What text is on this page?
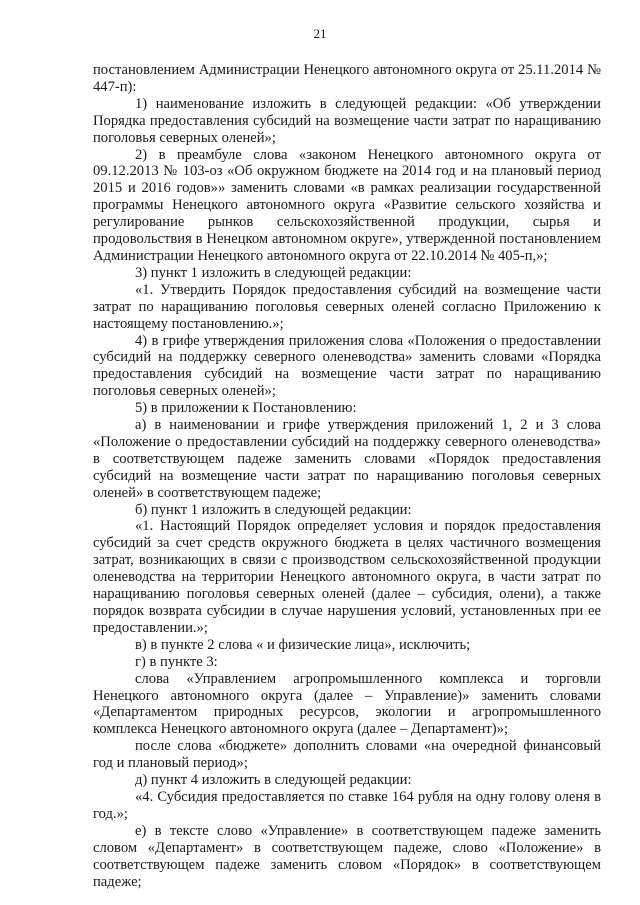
21

постановлением Администрации Ненецкого автономного округа от 25.11.2014 № 447-п):

1) наименование изложить в следующей редакции: «Об утверждении Порядка предоставления субсидий на возмещение части затрат по наращиванию поголовья северных оленей»;

2) в преамбуле слова «законом Ненецкого автономного округа от 09.12.2013 № 103-оз «Об окружном бюджете на 2014 год и на плановый период 2015 и 2016 годов»» заменить словами «в рамках реализации государственной программы Ненецкого автономного округа «Развитие сельского хозяйства и регулирование рынков сельскохозяйственной продукции, сырья и продовольствия в Ненецком автономном округе», утвержденной постановлением Администрации Ненецкого автономного округа от 22.10.2014 № 405-п,»;

3) пункт 1 изложить в следующей редакции:

«1. Утвердить Порядок предоставления субсидий на возмещение части затрат по наращиванию поголовья северных оленей согласно Приложению к настоящему постановлению.»;

4) в грифе утверждения приложения слова «Положения о предоставлении субсидий на поддержку северного оленеводства» заменить словами «Порядка предоставления субсидий на возмещение части затрат по наращиванию поголовья северных оленей»;

5) в приложении к Постановлению:

а) в наименовании и грифе утверждения приложений 1, 2 и 3 слова «Положение о предоставлении субсидий на поддержку северного оленеводства» в соответствующем падеже заменить словами «Порядок предоставления субсидий на возмещение части затрат по наращиванию поголовья северных оленей» в соответствующем падеже;

б) пункт 1 изложить в следующей редакции:

«1. Настоящий Порядок определяет условия и порядок предоставления субсидий за счет средств окружного бюджета в целях частичного возмещения затрат, возникающих в связи с производством сельскохозяйственной продукции оленеводства на территории Ненецкого автономного округа, в части затрат по наращиванию поголовья северных оленей (далее – субсидия, олени), а также порядок возврата субсидии в случае нарушения условий, установленных при ее предоставлении.»;

в) в пункте 2 слова « и физические лица», исключить;

г) в пункте 3:

слова «Управлением агропромышленного комплекса и торговли Ненецкого автономного округа (далее – Управление)» заменить словами «Департаментом природных ресурсов, экологии и агропромышленного комплекса Ненецкого автономного округа (далее – Департамент)»;

после слова «бюджете» дополнить словами «на очередной финансовый год и плановый период»;

д) пункт 4 изложить в следующей редакции:

«4. Субсидия предоставляется по ставке 164 рубля на одну голову оленя в год.»;

е) в тексте слово «Управление» в соответствующем падеже заменить словом «Департамент» в соответствующем падеже, слово «Положение» в соответствующем падеже заменить словом «Порядок» в соответствующем падеже;
